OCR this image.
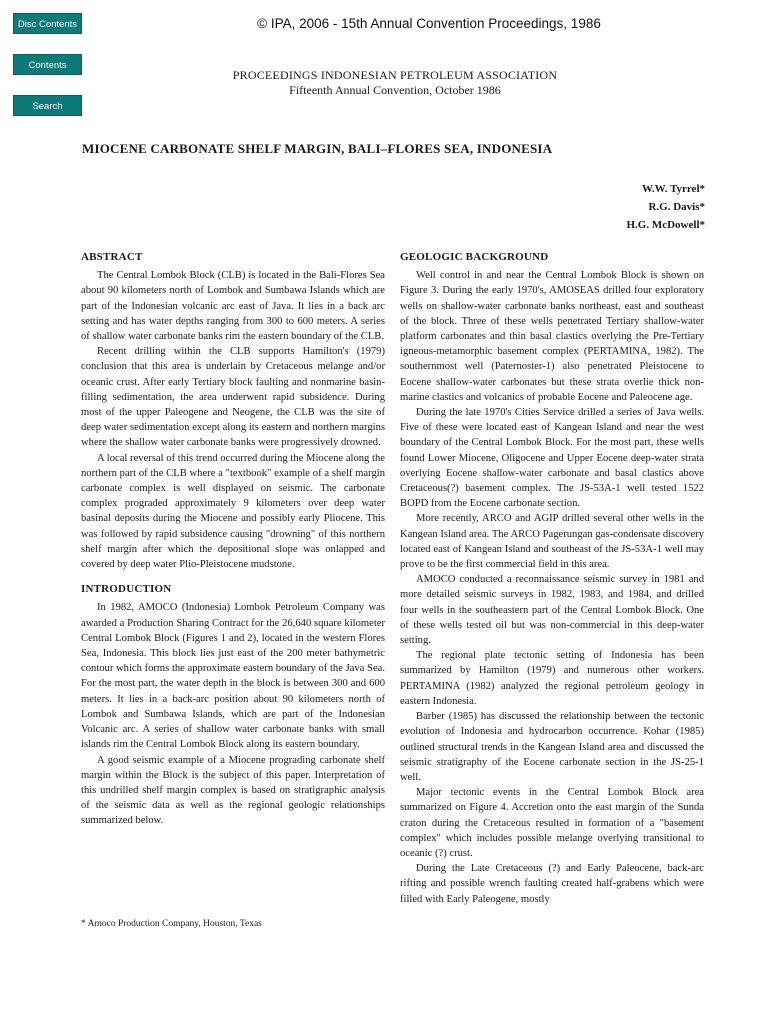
Disc Contents
Contents
Search
© IPA, 2006 - 15th Annual Convention Proceedings, 1986
PROCEEDINGS INDONESIAN PETROLEUM ASSOCIATION
Fifteenth Annual Convention, October 1986
MIOCENE CARBONATE SHELF MARGIN, BALI–FLORES SEA, INDONESIA
W.W. Tyrrel*
R.G. Davis*
H.G. McDowell*
ABSTRACT

The Central Lombok Block (CLB) is located in the Bali-Flores Sea about 90 kilometers north of Lombok and Sumbawa Islands which are part of the Indonesian volcanic arc east of Java. It lies in a back arc setting and has water depths ranging from 300 to 600 meters. A series of shallow water carbonate banks rim the eastern boundary of the CLB.

Recent drilling within the CLB supports Hamilton's (1979) conclusion that this area is underlain by Cretaceous melange and/or oceanic crust. After early Tertiary block faulting and nonmarine basin-filling sedimentation, the area underwent rapid subsidence. During most of the upper Paleogene and Neogene, the CLB was the site of deep water sedimentation except along its eastern and northern margins where the shallow water carbonate banks were progressively drowned.

A local reversal of this trend occurred during the Miocene along the northern part of the CLB where a "textbook" example of a shelf margin carbonate complex is well displayed on seismic. The carbonate complex prograded approximately 9 kilometers over deep water basinal deposits during the Miocene and possibly early Pliocene. This was followed by rapid subsidence causing "drowning" of this northern shelf margin after which the depositional slope was onlapped and covered by deep water Plio-Pleistocene mudstone.

INTRODUCTION

In 1982, AMOCO (Indonesia) Lombok Petroleum Company was awarded a Production Sharing Contract for the 26,640 square kilometer Central Lombok Block (Figures 1 and 2), located in the western Flores Sea, Indonesia. This block lies just east of the 200 meter bathymetric contour which forms the approximate eastern boundary of the Java Sea. For the most part, the water depth in the block is between 300 and 600 meters. It lies in a back-arc position about 90 kilometers north of Lombok and Sumbawa Islands, which are part of the Indonesian Volcanic arc. A series of shallow water carbonate banks with small islands rim the Central Lombok Block along its eastern boundary.

A good seismic example of a Miocene prograding carbonate shelf margin within the Block is the subject of this paper. Interpretation of this undrilled shelf margin complex is based on stratigraphic analysis of the seismic data as well as the regional geologic relationships summarized below.

* Amoco Production Company, Houston, Texas
GEOLOGIC BACKGROUND

Well control in and near the Central Lombok Block is shown on Figure 3. During the early 1970's, AMOSEAS drilled four exploratory wells on shallow-water carbonate banks northeast, east and southeast of the block. Three of these wells penetrated Tertiary shallow-water platform carbonates and thin basal clastics overlying the Pre-Tertiary igneous-metamorphic basement complex (PERTAMINA, 1982). The southernmost well (Paternoster-1) also penetrated Pleistocene to Eocene shallow-water carbonates but these strata overlie thick non-marine clastics and volcanics of probable Eocene and Paleocene age.

During the late 1970's Cities Service drilled a series of Java wells. Five of these were located east of Kangean Island and near the west boundary of the Central Lombok Block. For the most part, these wells found Lower Miocene, Oligocene and Upper Eocene deep-water strata overlying Eocene shallow-water carbonate and basal clastics above Cretaceous(?) basement complex. The JS-53A-1 well tested 1522 BOPD from the Eocene carbonate section.

More recently, ARCO and AGIP drilled several other wells in the Kangean Island area. The ARCO Pagerungan gas-condensate discovery located east of Kangean Island and southeast of the JS-53A-1 well may prove to be the first commercial field in this area.

AMOCO conducted a reconnaissance seismic survey in 1981 and more detailed seismic surveys in 1982, 1983, and 1984, and drilled four wells in the southeastern part of the Central Lombok Block. One of these wells tested oil but was non-commercial in this deep-water setting.

The regional plate tectonic setting of Indonesia has been summarized by Hamilton (1979) and numerous other workers. PERTAMINA (1982) analyzed the regional petroleum geology in eastern Indonesia.

Barber (1985) has discussed the relationship between the tectonic evolution of Indonesia and hydrocarbon occurrence. Kohar (1985) outlined structural trends in the Kangean Island area and discussed the seismic stratigraphy of the Eocene carbonate section in the JS-25-1 well.

Major tectonic events in the Central Lombok Block area summarized on Figure 4. Accretion onto the east margin of the Sunda craton during the Cretaceous resulted in formation of a "basement complex" which includes possible melange overlying transitional to oceanic (?) crust.

During the Late Cretaceous (?) and Early Paleocene, back-arc rifting and possible wrench faulting created half-grabens which were filled with Early Paleogene, mostly
